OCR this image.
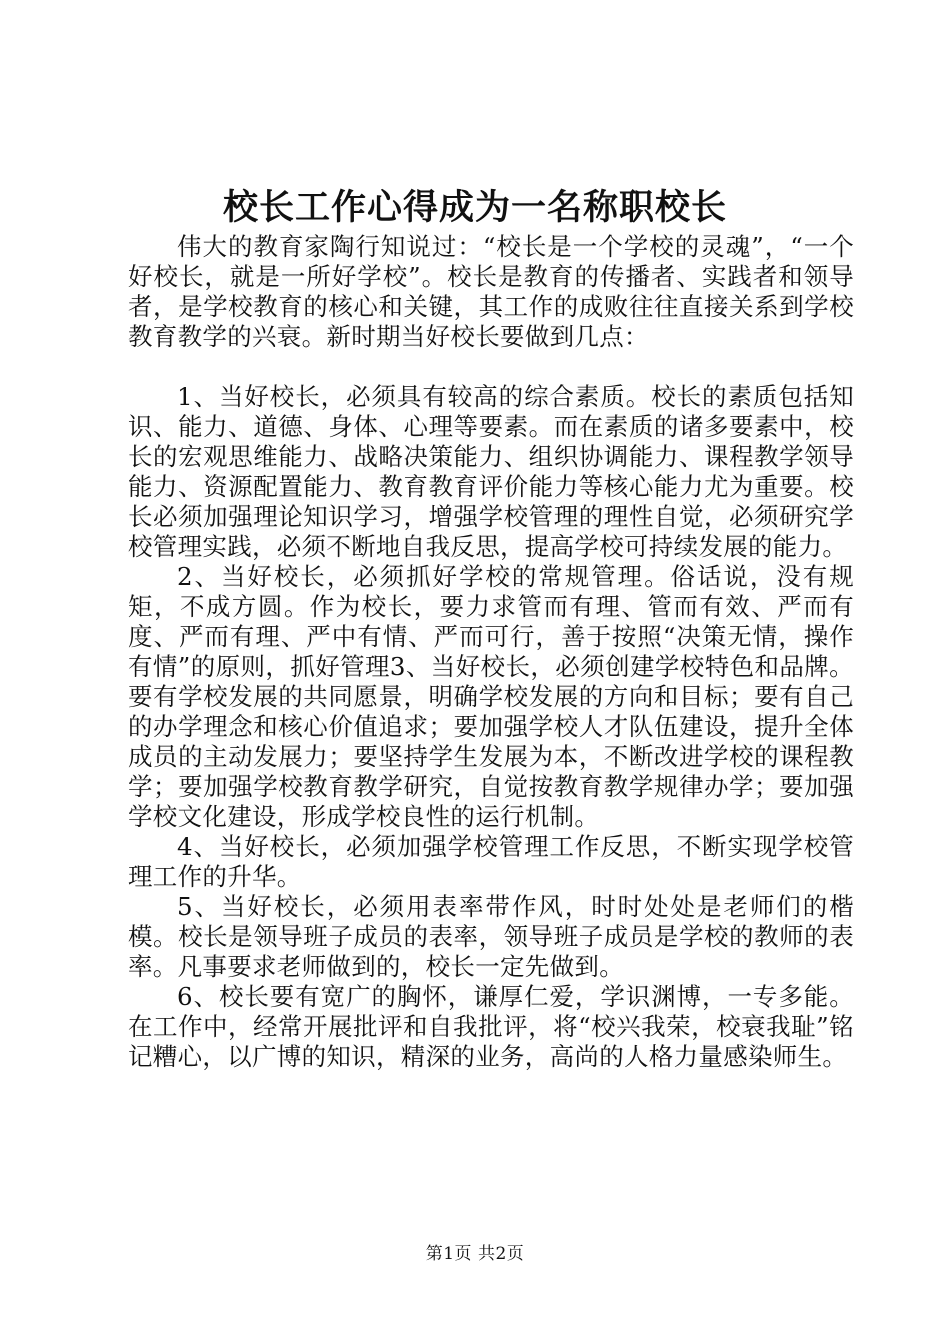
校长工作心得成为一名称职校长

伟大的教育家陶行知说过：“校长是一个学校的灵魂”，“一个好校长，就是一所好学校”。校长是教育的传播者、实践者和领导者，是学校教育的核心和关键，其工作的成败往往直接关系到学校教育教学的兴衰。新时期当好校长要做到几点：

1、当好校长，必须具有较高的综合素质。校长的素质包括知识、能力、道德、身体、心理等要素。而在素质的诸多要素中，校长的宏观思维能力、战略决策能力、组织协调能力、课程教学领导能力、资源配置能力、教育教育评价能力等核心能力尤为重要。校长必须加强理论知识学习，增强学校管理的理性自觉，必须研究学校管理实践，必须不断地自我反思，提高学校可持续发展的能力。

2、当好校长，必须抓好学校的常规管理。俗话说，没有规矩，不成方圆。作为校长，要力求管而有理、管而有效、严而有度、严而有理、严中有情、严而可行，善于按照“决策无情，操作有情”的原则，抓好管理3、当好校长，必须创建学校特色和品牌。要有学校发展的共同愿景，明确学校发展的方向和目标；要有自己的办学理念和核心价值追求；要加强学校人才队伍建设，提升全体成员的主动发展力；要坚持学生发展为本，不断改进学校的课程教学；要加强学校教育教学研究，自觉按教育教学规律办学；要加强学校文化建设，形成学校良性的运行机制。

4、当好校长，必须加强学校管理工作反思，不断实现学校管理工作的升华。

5、当好校长，必须用表率带作风，时时处处是老师们的楷模。校长是领导班子成员的表率，领导班子成员是学校的教师的表率。凡事要求老师做到的，校长一定先做到。

6、校长要有宽广的胸怀，谦厚仁爱，学识渊博，一专多能。在工作中，经常开展批评和自我批评，将“校兴我荣，校衰我耻”铭记糟心，以广博的知识，精深的业务，高尚的人格力量感染师生。

第1页 共2页
